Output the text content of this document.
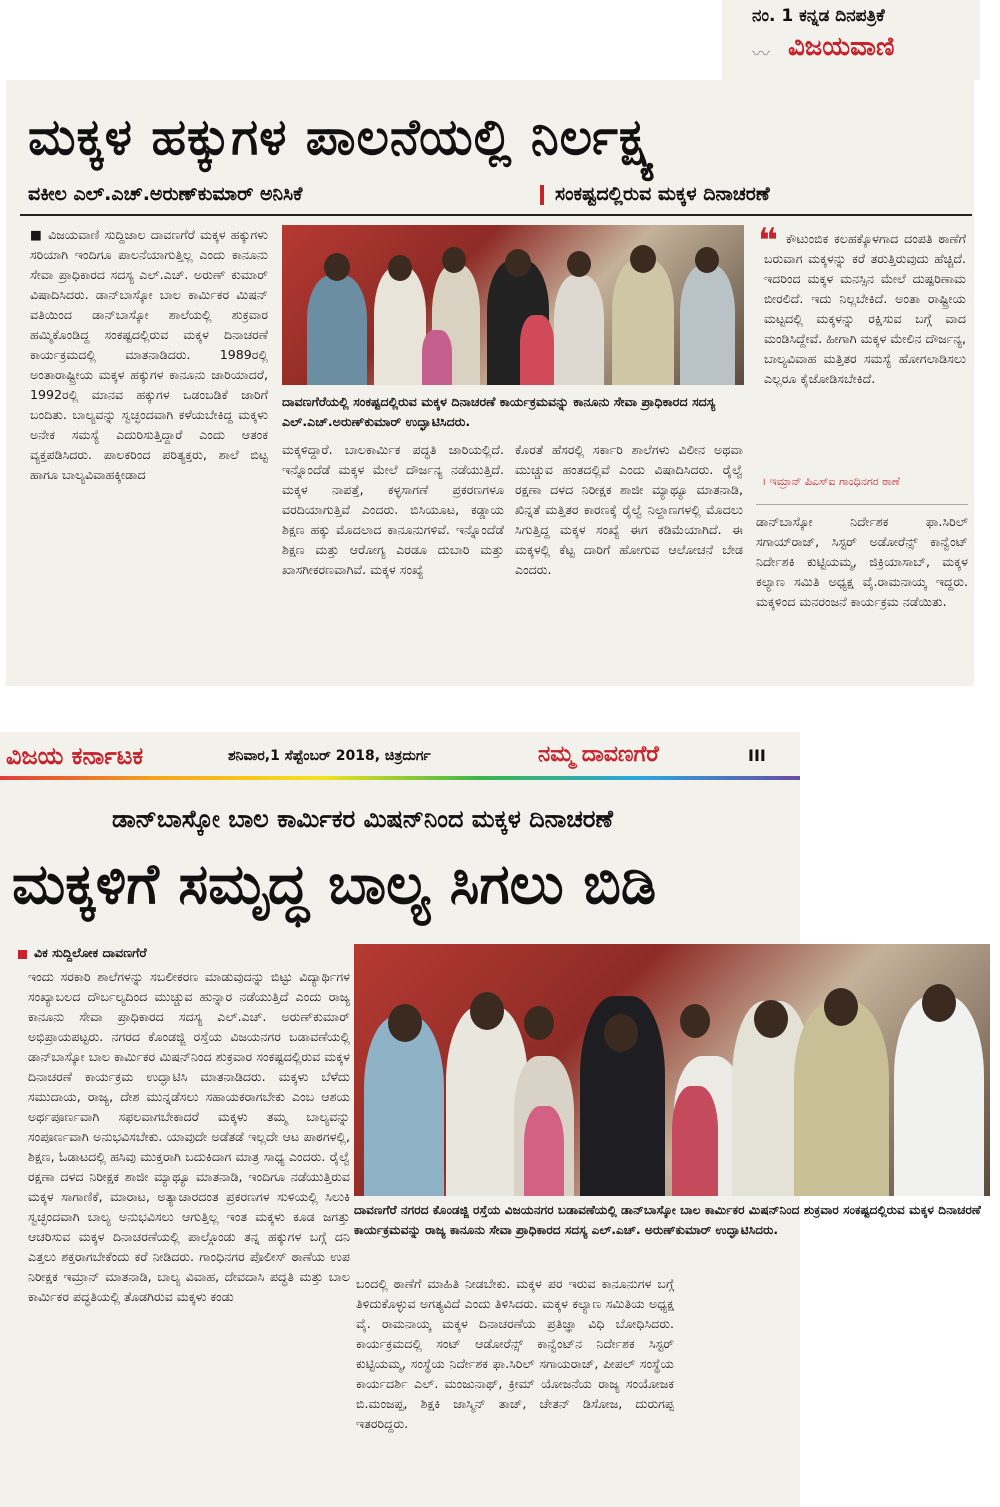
ನಂ. 1 ಕನ್ನಡ ದಿನಪತ್ರಿಕೆ
〰 ವಿಜಯವಾಣಿ
ಮಕ್ಕಳ ಹಕ್ಕುಗಳ ಪಾಲನೆಯಲ್ಲಿ ನಿರ್ಲಕ್ಷ್ಯ
ವಕೀಲ ಎಲ್.ಎಚ್.ಅರುಣ್‌ಕುಮಾರ್ ಅನಿಸಿಕೆ	ಸಂಕಷ್ಟದಲ್ಲಿರುವ ಮಕ್ಕಳ ದಿನಾಚರಣೆ
■ ವಿಜಯವಾಣಿ ಸುದ್ದಿಜಾಲ ದಾವಣಗೆರೆ ಮಕ್ಕಳ ಹಕ್ಕುಗಳು ಸರಿಯಾಗಿ ಇಂದಿಗೂ ಪಾಲನೆಯಾಗುತ್ತಿಲ್ಲ ಎಂದು ಕಾನೂನು ಸೇವಾ ಪ್ರಾಧಿಕಾರದ ಸದಸ್ಯ ಎಲ್.ಎಚ್. ಅರುಣ್ ಕುಮಾರ್ ವಿಷಾದಿಸಿದರು. ಡಾನ್‌ಬಾಸ್ಕೋ ಬಾಲ ಕಾರ್ಮಿಕರ ಮಿಷನ್ ವತಿಯಿಂದ ಡಾನ್‌ಬಾಸ್ಕೋ ಶಾಲೆಯಲ್ಲಿ ಶುಕ್ರವಾರ ಹಮ್ಮಿಕೊಂಡಿದ್ದ ಸಂಕಷ್ಟದಲ್ಲಿರುವ ಮಕ್ಕಳ ದಿನಾಚರಣೆ ಕಾರ್ಯಕ್ರಮದಲ್ಲಿ ಮಾತನಾಡಿದರು. 1989ರಲ್ಲಿ ಅಂತಾರಾಷ್ಟ್ರೀಯ ಮಕ್ಕಳ ಹಕ್ಕುಗಳ ಕಾನೂನು ಜಾರಿಯಾದರೆ, 1992ರಲ್ಲಿ ಮಾನವ ಹಕ್ಕುಗಳ ಒಡಂಬಡಿಕೆ ಜಾರಿಗೆ ಬಂದಿತು. ಬಾಲ್ಯವನ್ನು ಸ್ವಚ್ಛಂದವಾಗಿ ಕಳೆಯಬೇಕಿದ್ದ ಮಕ್ಕಳು ಅನೇಕ ಸಮಸ್ಯೆ ಎದುರಿಸುತ್ತಿದ್ದಾರೆ ಎಂದು ಆತಂಕ ವ್ಯಕ್ತಪಡಿಸಿದರು. ಪಾಲಕರಿಂದ ಪರಿತ್ಯಕ್ತರು, ಶಾಲೆ ಬಿಟ್ಟ ಹಾಗೂ ಬಾಲ್ಯವಿವಾಹಕ್ಕೀಡಾದ
ದಾವಣಗೆರೆಯಲ್ಲಿ ಸಂಕಷ್ಟದಲ್ಲಿರುವ ಮಕ್ಕಳ ದಿನಾಚರಣೆ ಕಾರ್ಯಕ್ರಮವನ್ನು ಕಾನೂನು ಸೇವಾ ಪ್ರಾಧಿಕಾರದ ಸದಸ್ಯ ಎಲ್.ಎಚ್.ಅರುಣ್‌ಕುಮಾರ್ ಉದ್ಘಾಟಿಸಿದರು.
ಮಕ್ಕಳಿದ್ದಾರೆ. ಬಾಲಕಾರ್ಮಿಕ ಪದ್ಧತಿ ಜಾರಿಯಲ್ಲಿದೆ. ಇನ್ನೊಂದೆಡೆ ಮಕ್ಕಳ ಮೇಲೆ ದೌರ್ಜನ್ಯ ನಡೆಯುತ್ತಿದೆ. ಮಕ್ಕಳ ನಾಪತ್ತೆ, ಕಳ್ಳಸಾಗಣೆ ಪ್ರಕರಣಗಳೂ ವರದಿಯಾಗುತ್ತಿವೆ ಎಂದರು. ಬಿಸಿಯೂಟ, ಕಡ್ಡಾಯ ಶಿಕ್ಷಣ ಹಕ್ಕು ಮೊದಲಾದ ಕಾನೂನುಗಳಿವೆ. ಇನ್ನೊಂದೆಡೆ ಶಿಕ್ಷಣ ಮತ್ತು ಆರೋಗ್ಯ ಎರಡೂ ದುಬಾರಿ ಮತ್ತು ಖಾಸಗೀಕರಣವಾಗಿವೆ. ಮಕ್ಕಳ ಸಂಖ್ಯೆ
ಕೊರತೆ ಹೆಸರಲ್ಲಿ ಸರ್ಕಾರಿ ಶಾಲೆಗಳು ವಿಲೀನ ಅಥವಾ ಮುಚ್ಚುವ ಹಂತದಲ್ಲಿವೆ ಎಂದು ವಿಷಾದಿಸಿದರು. ರೈಲ್ವೆ ರಕ್ಷಣಾ ದಳದ ನಿರೀಕ್ಷಕ ಶಾಜೀ ಮ್ಯಾಥ್ಯೂ ಮಾತನಾಡಿ, ಖಿನ್ನತೆ ಮತ್ತಿತರ ಕಾರಣಕ್ಕೆ ರೈಲ್ವೆ ನಿಲ್ದಾಣಗಳಲ್ಲಿ ಮೊದಲು ಸಿಗುತ್ತಿದ್ದ ಮಕ್ಕಳ ಸಂಖ್ಯೆ ಈಗ ಕಡಿಮೆಯಾಗಿದೆ. ಈ ಮಕ್ಕಳಲ್ಲಿ ಕೆಟ್ಟ ದಾರಿಗೆ ಹೋಗುವ ಆಲೋಚನೆ ಬೇಡ ಎಂದರು.
❝ ಕೌಟುಂಬಿಕ ಕಲಹಕ್ಕೊಳಗಾದ ದಂಪತಿ ಠಾಣೆಗೆ ಬರುವಾಗ ಮಕ್ಕಳನ್ನು ಕರೆ ತರುತ್ತಿರುವುದು ಹೆಚ್ಚಿದೆ. ಇದರಿಂದ ಮಕ್ಕಳ ಮನಸ್ಸಿನ ಮೇಲೆ ದುಷ್ಪರಿಣಾಮ ಬೀರಲಿದೆ. ಇದು ನಿಲ್ಲಬೇಕಿದೆ. ಅಂತಾ ರಾಷ್ಟ್ರೀಯ ಮಟ್ಟದಲ್ಲಿ ಮಕ್ಕಳನ್ನು ರಕ್ಷಿಸುವ ಬಗ್ಗೆ ವಾದ ಮಂಡಿಸಿದ್ದೇವೆ. ಹೀಗಾಗಿ ಮಕ್ಕಳ ಮೇಲಿನ ದೌರ್ಜನ್ಯ, ಬಾಲ್ಯವಿವಾಹ ಮತ್ತಿತರ ಸಮಸ್ಯೆ ಹೋಗಲಾಡಿಸಲು ಎಲ್ಲರೂ ಕೈಜೋಡಿಸಬೇಕಿದೆ.
। ಇಮ್ರಾನ್ ಪಿಎಸ್ಐ ಗಾಂಧಿನಗರ ಠಾಣೆ
ಡಾನ್‌ಬಾಸ್ಕೋ ನಿರ್ದೇಶಕ ಫಾ.ಸಿರಿಲ್ ಸಗಾಯ್‌ರಾಜ್, ಸಿಸ್ಟರ್ ಅಡೋರೆನ್ಸ್ ಕಾನ್ವೆಂಟ್ ನಿರ್ದೇಶಕಿ ಕುಟ್ಟಿಯಮ್ಮ, ಜಿಕ್ರಿಯಾಸಾಬ್, ಮಕ್ಕಳ ಕಲ್ಯಾಣ ಸಮಿತಿ ಅಧ್ಯಕ್ಷ ವೈ.ರಾಮನಾಯ್ಕ ಇದ್ದರು. ಮಕ್ಕಳಿಂದ ಮನರಂಜನೆ ಕಾರ್ಯಕ್ರಮ ನಡೆಯಿತು.
ವಿಜಯ ಕರ್ನಾಟಕ	ಶನಿವಾರ,1 ಸೆಪ್ಟೆಂಬರ್ 2018, ಚಿತ್ರದುರ್ಗ	ನಮ್ಮ ದಾವಣಗೆರೆ	III
ಡಾನ್‌ಬಾಸ್ಕೋ ಬಾಲ ಕಾರ್ಮಿಕರ ಮಿಷನ್‌ನಿಂದ ಮಕ್ಕಳ ದಿನಾಚರಣೆ
ಮಕ್ಕಳಿಗೆ ಸಮೃದ್ಧ ಬಾಲ್ಯ ಸಿಗಲು ಬಿಡಿ
ವಿಕ ಸುದ್ದಿಲೋಕ ದಾವಣಗೆರೆ
ಇಂದು ಸರಕಾರಿ ಶಾಲೆಗಳನ್ನು ಸಬಲೀಕರಣ ಮಾಡುವುದನ್ನು ಬಿಟ್ಟು ವಿದ್ಯಾರ್ಥಿಗಳ ಸಂಖ್ಯಾಬಲದ ದೌರ್ಬಲ್ಯದಿಂದ ಮುಚ್ಚುವ ಹುನ್ನಾರ ನಡೆಯುತ್ತಿದೆ ಎಂದು ರಾಜ್ಯ ಕಾನೂನು ಸೇವಾ ಪ್ರಾಧಿಕಾರದ ಸದಸ್ಯ ಎಲ್.ಎಚ್. ಅರುಣ್‌ಕುಮಾರ್ ಅಭಿಪ್ರಾಯಪಟ್ಟರು. ನಗರದ ಕೊಂಡಜ್ಜಿ ರಸ್ತೆಯ ವಿಜಯನಗರ ಬಡಾವಣೆಯಲ್ಲಿ ಡಾನ್‌ಬಾಸ್ಕೋ ಬಾಲ ಕಾರ್ಮಿಕರ ಮಿಷನ್‌ನಿಂದ ಶುಕ್ರವಾರ ಸಂಕಷ್ಟದಲ್ಲಿರುವ ಮಕ್ಕಳ ದಿನಾಚರಣೆ ಕಾರ್ಯಕ್ರಮ ಉದ್ಘಾಟಿಸಿ ಮಾತನಾಡಿದರು. ಮಕ್ಕಳು ಬೆಳೆದು ಸಮುದಾಯ, ರಾಜ್ಯ, ದೇಶ ಮುನ್ನಡೆಸಲು ಸಹಾಯಕರಾಗಬೇಕು ಎಂಬ ಆಶಯ ಅರ್ಥಪೂರ್ಣವಾಗಿ ಸಫಲವಾಗಬೇಕಾದರೆ ಮಕ್ಕಳು ತಮ್ಮ ಬಾಲ್ಯವನ್ನು ಸಂಪೂರ್ಣವಾಗಿ ಅನುಭವಿಸಬೇಕು. ಯಾವುದೇ ಅಡೆತಡೆ ಇಲ್ಲದೇ ಆಟ ಪಾಠಗಳಲ್ಲಿ, ಶಿಕ್ಷಣ, ಓಡಾಟದಲ್ಲಿ ಹಸಿವು ಮುಕ್ತರಾಗಿ ಬದುಕಿದಾಗ ಮಾತ್ರ ಸಾಧ್ಯ ಎಂದರು. ರೈಲ್ವೆ ರಕ್ಷಣಾ ದಳದ ನಿರೀಕ್ಷಕ ಶಾಜೀ ಮ್ಯಾಥ್ಯೂ ಮಾತನಾಡಿ, ಇಂದಿಗೂ ನಡೆಯುತ್ತಿರುವ ಮಕ್ಕಳ ಸಾಗಾಣಿಕೆ, ಮಾರಾಟ, ಅತ್ಯಾಚಾರದಂತ ಪ್ರಕರಣಗಳ ಸುಳಿಯಲ್ಲಿ ಸಿಲುಕಿ ಸ್ವಚ್ಛಂದವಾಗಿ ಬಾಲ್ಯ ಅನುಭವಿಸಲು ಆಗುತ್ತಿಲ್ಲ ಇಂತ ಮಕ್ಕಳು ಕೂಡ ಜಗತ್ತು ಆಚರಿಸುವ ಮಕ್ಕಳ ದಿನಾಚರಣೆಯಲ್ಲಿ ಪಾಲ್ಗೊಂಡು ತನ್ನ ಹಕ್ಕುಗಳ ಬಗ್ಗೆ ದನಿ ಎತ್ತಲು ಶಕ್ತರಾಗಬೇಕೆಂದು ಕರೆ ನೀಡಿದರು. ಗಾಂಧಿನಗರ ಪೊಲೀಸ್ ಠಾಣೆಯ ಉಪ ನಿರೀಕ್ಷಕ ಇಮ್ರಾನ್ ಮಾತನಾಡಿ, ಬಾಲ್ಯ ವಿವಾಹ, ದೇವದಾಸಿ ಪದ್ಧತಿ ಮತ್ತು ಬಾಲ ಕಾರ್ಮಿಕರ ಪದ್ಧತಿಯಲ್ಲಿ ತೊಡಗಿರುವ ಮಕ್ಕಳು ಕಂಡು
ದಾವಣಗೆರೆ ನಗರದ ಕೊಂಡಜ್ಜಿ ರಸ್ತೆಯ ವಿಜಯನಗರ ಬಡಾವಣೆಯಲ್ಲಿ ಡಾನ್‌ಬಾಸ್ಕೋ ಬಾಲ ಕಾರ್ಮಿಕರ ಮಿಷನ್‌ನಿಂದ ಶುಕ್ರವಾರ ಸಂಕಷ್ಟದಲ್ಲಿರುವ ಮಕ್ಕಳ ದಿನಾಚರಣೆ ಕಾರ್ಯಕ್ರಮವನ್ನು ರಾಜ್ಯ ಕಾನೂನು ಸೇವಾ ಪ್ರಾಧಿಕಾರದ ಸದಸ್ಯ ಎಲ್.ಎಚ್. ಅರುಣ್‌ಕುಮಾರ್ ಉದ್ಘಾಟಿಸಿದರು.
ಬಂದಲ್ಲಿ ಠಾಣೆಗೆ ಮಾಹಿತಿ ನೀಡಬೇಕು. ಮಕ್ಕಳ ಪರ ಇರುವ ಕಾನೂನುಗಳ ಬಗ್ಗೆ ತಿಳಿದುಕೊಳ್ಳುವ ಅಗತ್ಯವಿದೆ ಎಂದು ತಿಳಿಸಿದರು. ಮಕ್ಕಳ ಕಲ್ಯಾಣ ಸಮಿತಿಯ ಅಧ್ಯಕ್ಷ ವೈ. ರಾಮನಾಯ್ಕ ಮಕ್ಕಳ ದಿನಾಚರಣೆಯ ಪ್ರತಿಜ್ಞಾ ವಿಧಿ ಬೋಧಿಸಿದರು. ಕಾರ್ಯಕ್ರಮದಲ್ಲಿ ಸಂಟ್ ಆಡೋರೆನ್ಸ್ ಕಾನ್ವೆಂಟ್‌ನ ನಿರ್ದೇಶಕ ಸಿಸ್ಟರ್ ಕುಟ್ಟಿಯಮ್ಮ, ಸಂಸ್ಥೆಯ ನಿರ್ದೇಶಕ ಫಾ.ಸಿರಿಲ್ ಸಗಾಯರಾಜ್, ಪೀಪಲ್ ಸಂಸ್ಥೆಯ ಕಾರ್ಯದರ್ಶಿ ಎಲ್. ಮಂಜುನಾಥ್, ಕ್ರೀಮ್ ಯೋಜನೆಯ ರಾಜ್ಯ ಸಂಯೋಜಕ ಬಿ.ಮಂಜಪ್ಪ, ಶಿಕ್ಷಕಿ ಜಾಸ್ಮಿನ್ ತಾಜ್, ಚೇತನ್ ಡಿಸೋಜ, ದುರುಗಪ್ಪ ಇತರರಿದ್ದರು.
